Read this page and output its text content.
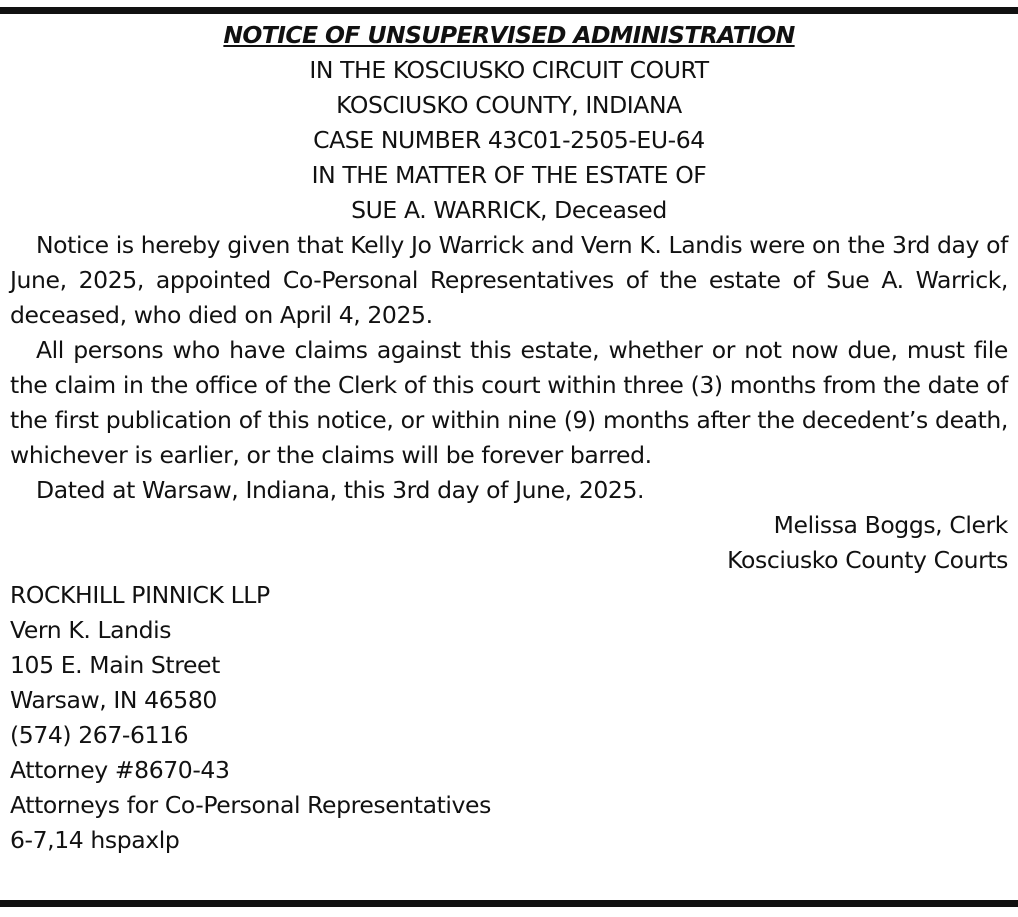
NOTICE OF UNSUPERVISED ADMINISTRATION
IN THE KOSCIUSKO CIRCUIT COURT
KOSCIUSKO COUNTY, INDIANA
CASE NUMBER 43C01-2505-EU-64
IN THE MATTER OF THE ESTATE OF
SUE A. WARRICK, Deceased

Notice is hereby given that Kelly Jo Warrick and Vern K. Landis were on the 3rd day of June, 2025, appointed Co-Personal Representatives of the estate of Sue A. Warrick, deceased, who died on April 4, 2025.

All persons who have claims against this estate, whether or not now due, must file the claim in the office of the Clerk of this court within three (3) months from the date of the first publication of this notice, or within nine (9) months after the decedent’s death, whichever is earlier, or the claims will be forever barred.

Dated at Warsaw, Indiana, this 3rd day of June, 2025.

Melissa Boggs, Clerk
Kosciusko County Courts
ROCKHILL PINNICK LLP
Vern K. Landis
105 E. Main Street
Warsaw, IN 46580
(574) 267-6116
Attorney #8670-43
Attorneys for Co-Personal Representatives
6-7,14 hspaxlp
